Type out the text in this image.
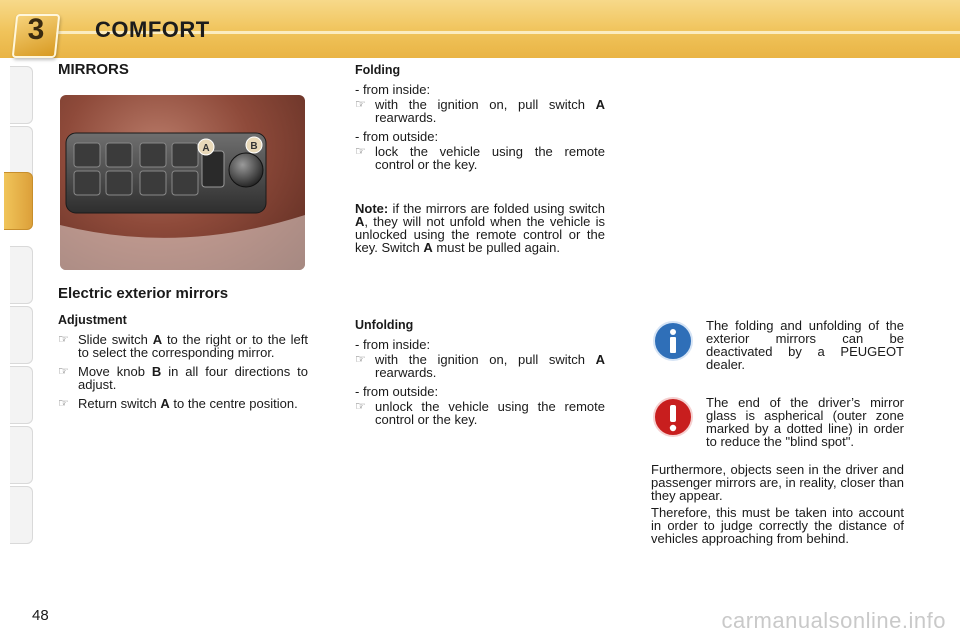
3 COMFORT
MIRRORS
A	B
Electric exterior mirrors

Adjustment

☞ Slide switch A to the right or to the left to select the corresponding mirror.
☞ Move knob B in all four directions to adjust.
☞ Return switch A to the centre position.

Folding

- from inside:

☞ with the ignition on, pull switch A rearwards.

- from outside:

☞ lock the vehicle using the remote control or the key.
Note: if the mirrors are folded using switch A, they will not unfold when the vehicle is unlocked using the remote control or the key. Switch A must be pulled again.

Unfolding

- from inside:

☞ with the ignition on, pull switch A rearwards.

- from outside:

☞ unlock the vehicle using the remote control or the key.
The folding and unfolding of the exterior mirrors can be deactivated by a PEUGEOT dealer.
The end of the driver’s mirror glass is aspherical (outer zone marked by a dotted line) in order to reduce the "blind spot".
Furthermore, objects seen in the driver and passenger mirrors are, in reality, closer than they appear.
Therefore, this must be taken into account in order to judge correctly the distance of vehicles approaching from behind.
48	carmanualsonline.info
